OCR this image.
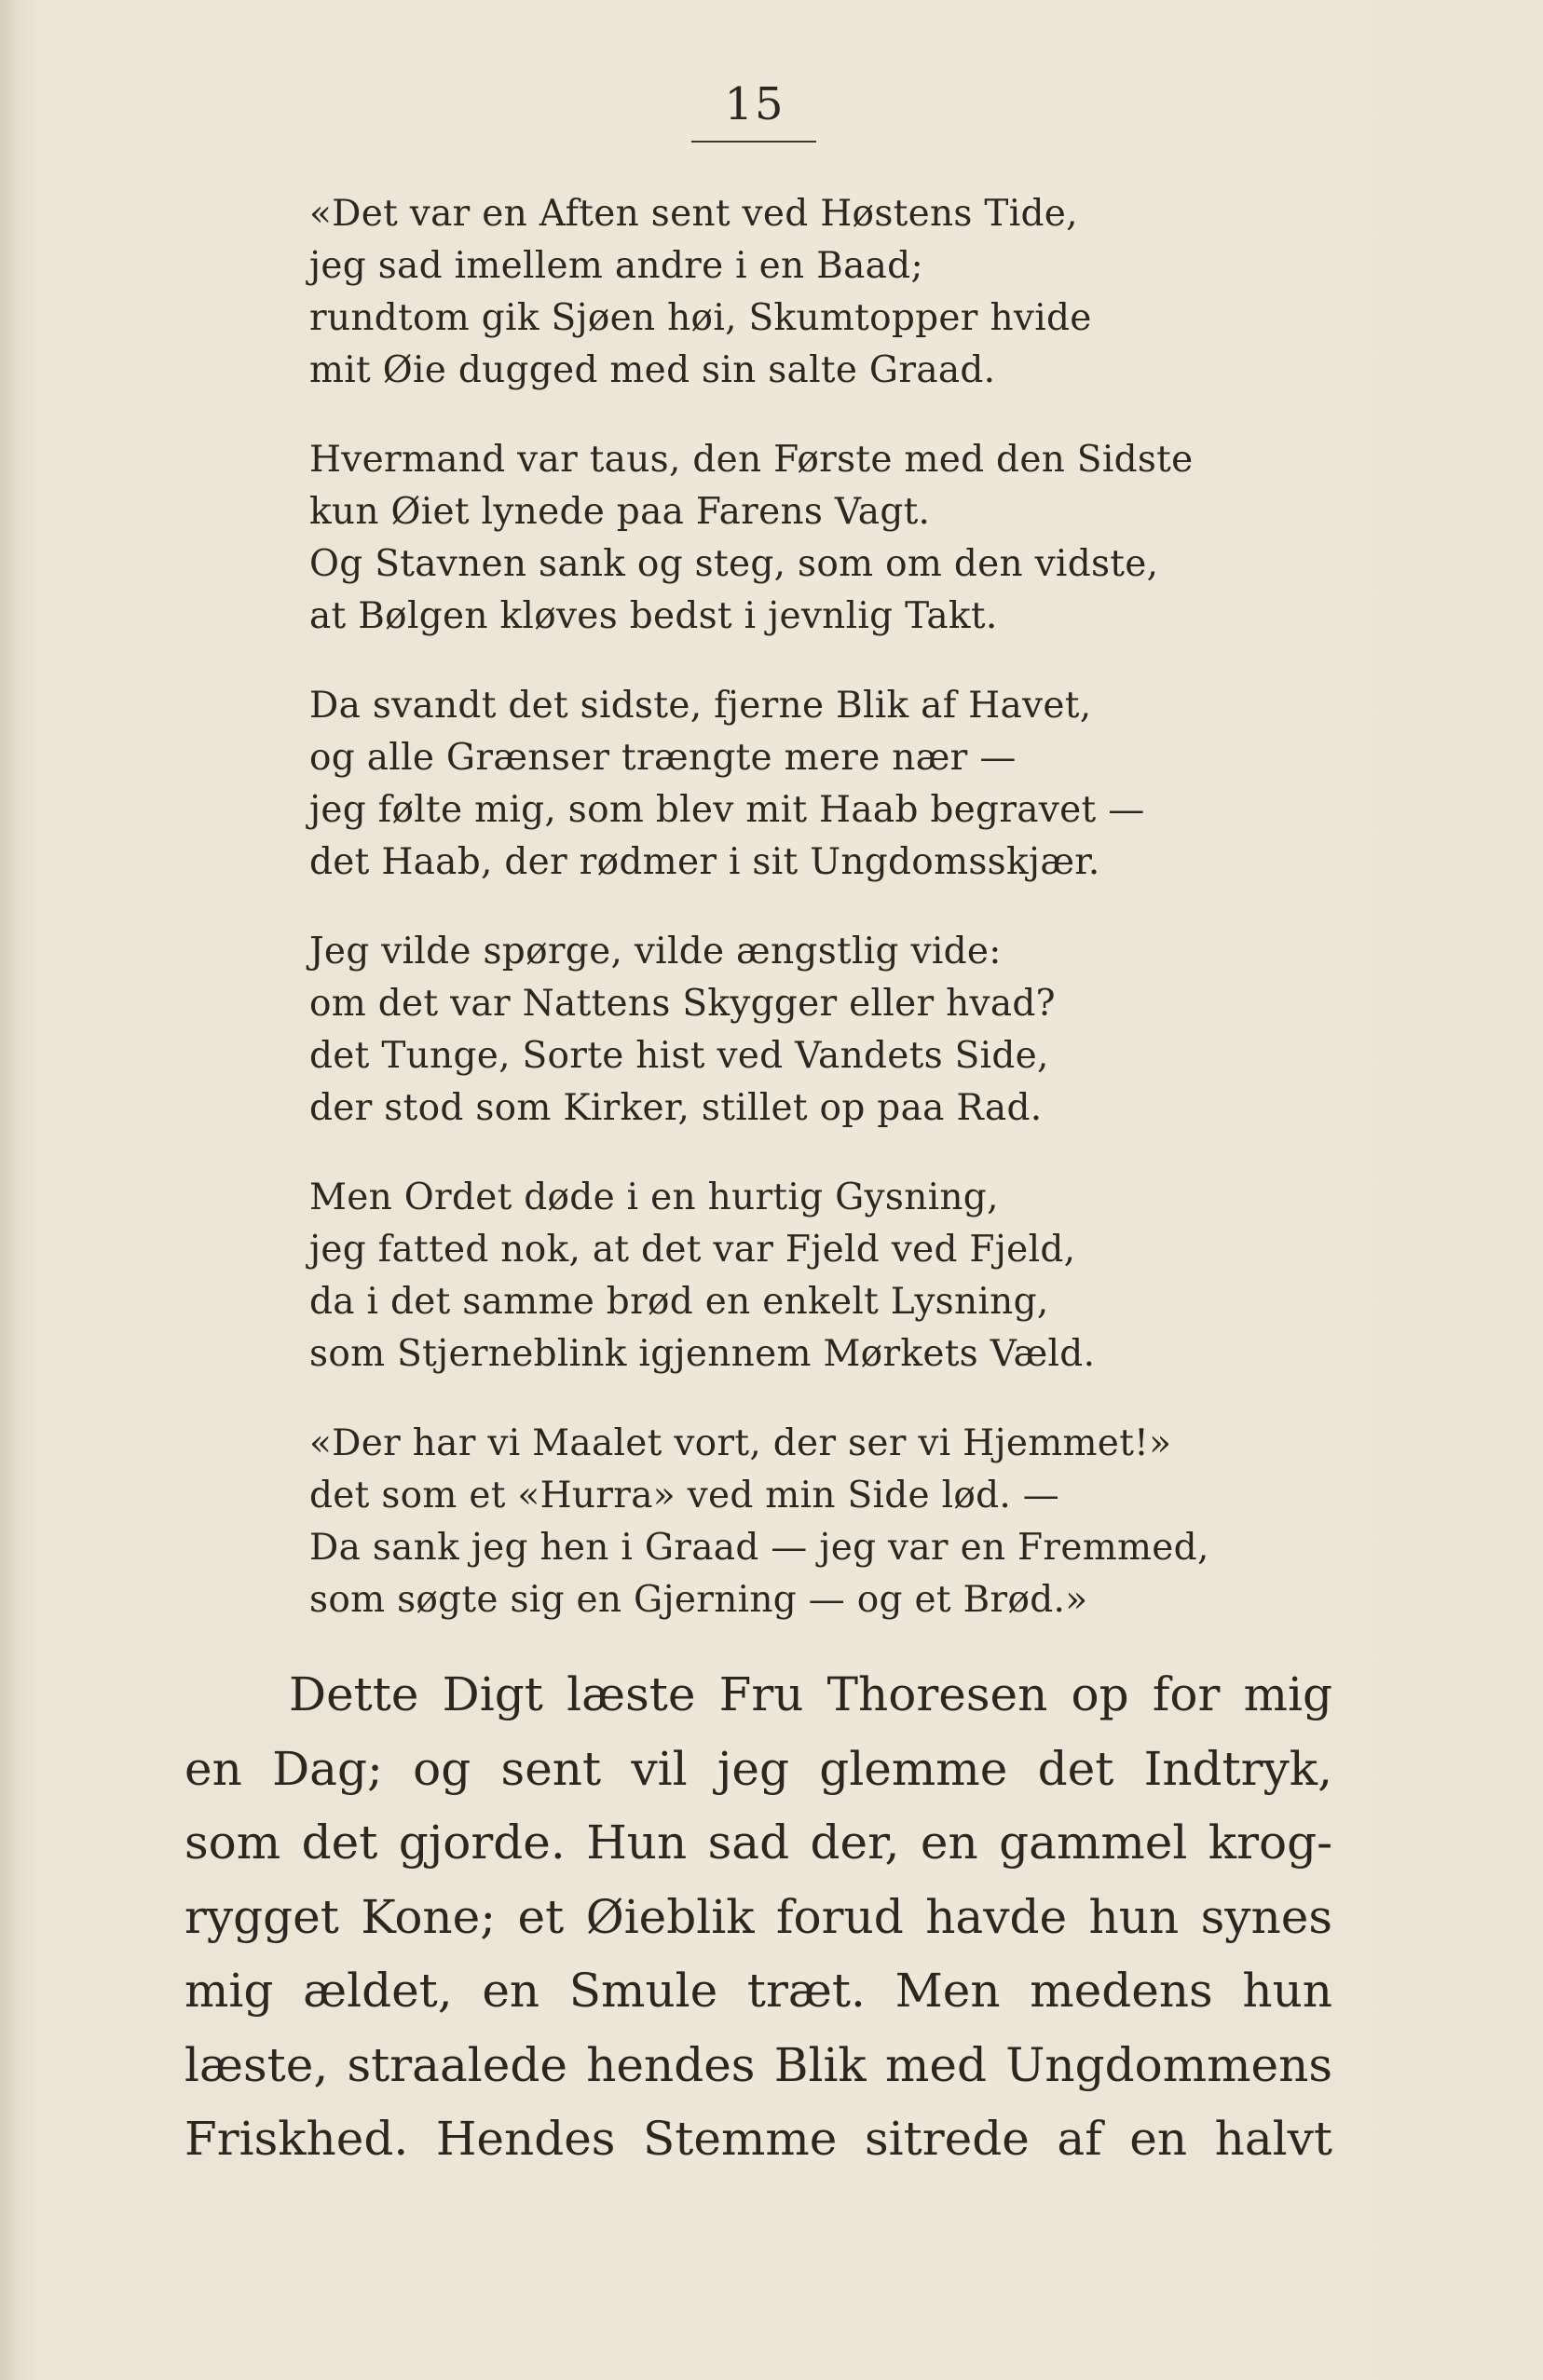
15
«Det var en Aften sent ved Høstens Tide,
jeg sad imellem andre i en Baad;
rundtom gik Sjøen høi, Skumtopper hvide
mit Øie dugged med sin salte Graad.
Hvermand var taus, den Første med den Sidste
kun Øiet lynede paa Farens Vagt.
Og Stavnen sank og steg, som om den vidste,
at Bølgen kløves bedst i jevnlig Takt.
Da svandt det sidste, fjerne Blik af Havet,
og alle Grænser trængte mere nær —
jeg følte mig, som blev mit Haab begravet —
det Haab, der rødmer i sit Ungdomsskjær.
Jeg vilde spørge, vilde ængstlig vide:
om det var Nattens Skygger eller hvad?
det Tunge, Sorte hist ved Vandets Side,
der stod som Kirker, stillet op paa Rad.
Men Ordet døde i en hurtig Gysning,
jeg fatted nok, at det var Fjeld ved Fjeld,
da i det samme brød en enkelt Lysning,
som Stjerneblink igjennem Mørkets Væld.
«Der har vi Maalet vort, der ser vi Hjemmet!»
det som et «Hurra» ved min Side lød. —
Da sank jeg hen i Graad — jeg var en Fremmed,
som søgte sig en Gjerning — og et Brød.»
Dette Digt læste Fru Thoresen op for mig
en Dag; og sent vil jeg glemme det Indtryk,
som det gjorde. Hun sad der, en gammel krog-
rygget Kone; et Øieblik forud havde hun synes
mig ældet, en Smule træt. Men medens hun
læste, straalede hendes Blik med Ungdommens
Friskhed. Hendes Stemme sitrede af en halvt
